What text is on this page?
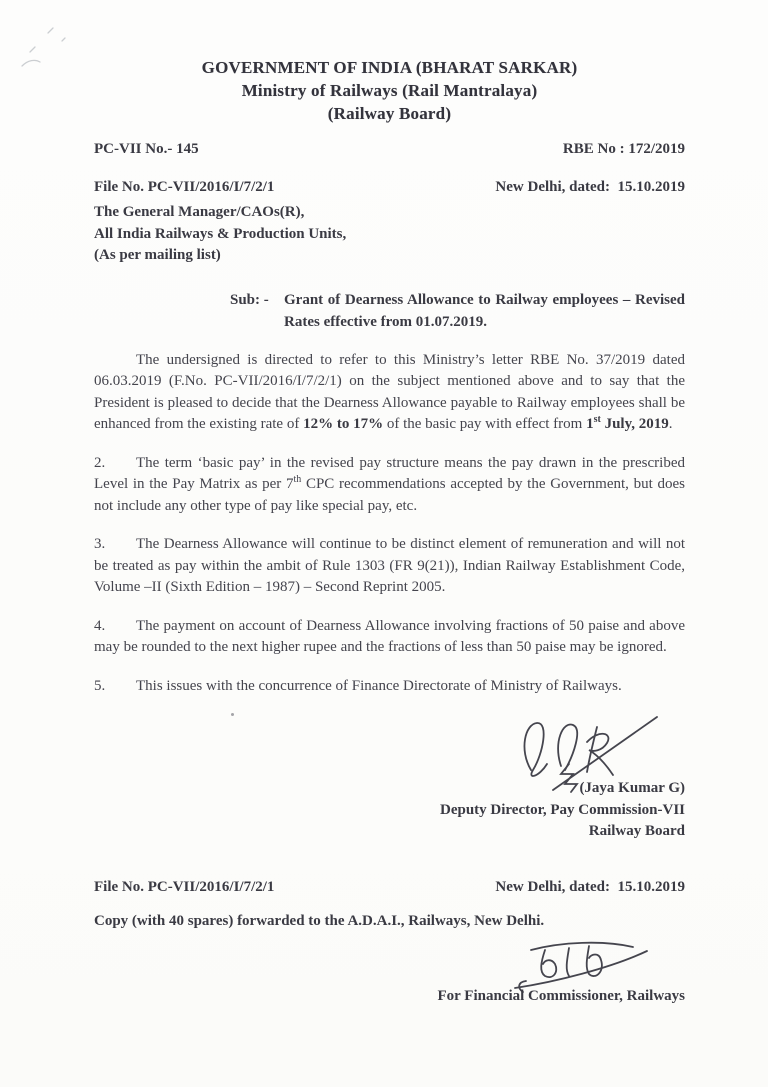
GOVERNMENT OF INDIA (BHARAT SARKAR)
Ministry of Railways (Rail Mantralaya)
(Railway Board)
PC-VII No.- 145	RBE No : 172/2019
File No. PC-VII/2016/I/7/2/1	New Delhi, dated:  15.10.2019
The General Manager/CAOs(R),
All India Railways & Production Units,
(As per mailing list)
Sub: -	Grant of Dearness Allowance to Railway employees – Revised Rates effective from 01.07.2019.

The undersigned is directed to refer to this Ministry’s letter RBE No. 37/2019 dated 06.03.2019 (F.No. PC-VII/2016/I/7/2/1) on the subject mentioned above and to say that the President is pleased to decide that the Dearness Allowance payable to Railway employees shall be enhanced from the existing rate of 12% to 17% of the basic pay with effect from 1st July, 2019.

2. The term ‘basic pay’ in the revised pay structure means the pay drawn in the prescribed Level in the Pay Matrix as per 7th CPC recommendations accepted by the Government, but does not include any other type of pay like special pay, etc.

3. The Dearness Allowance will continue to be distinct element of remuneration and will not be treated as pay within the ambit of Rule 1303 (FR 9(21)), Indian Railway Establishment Code, Volume –II (Sixth Edition – 1987) – Second Reprint 2005.

4. The payment on account of Dearness Allowance involving fractions of 50 paise and above may be rounded to the next higher rupee and the fractions of less than 50 paise may be ignored.

5. This issues with the concurrence of Finance Directorate of Ministry of Railways.

(Jaya Kumar G)
Deputy Director, Pay Commission-VII
Railway Board
File No. PC-VII/2016/I/7/2/1	New Delhi, dated:  15.10.2019
Copy (with 40 spares) forwarded to the A.D.A.I., Railways, New Delhi.
For Financial Commissioner, Railways
